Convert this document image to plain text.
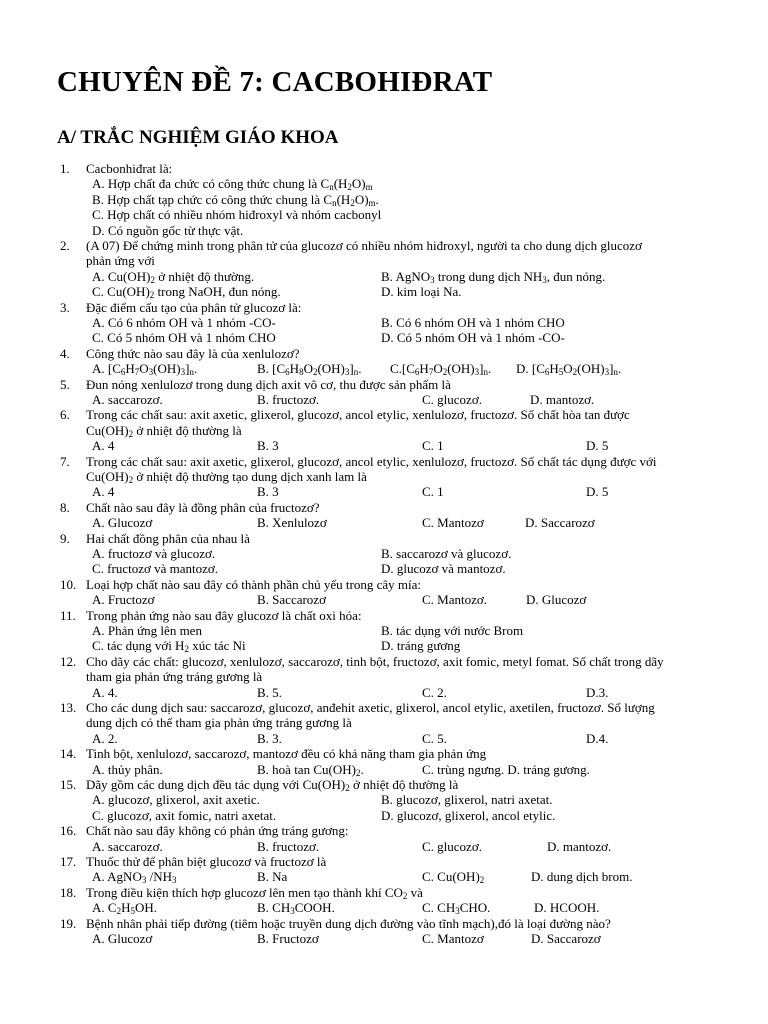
CHUYÊN ĐỀ 7: CACBOHIĐRAT
A/ TRẮC NGHIỆM GIÁO KHOA
1. Cacbonhiđrat là:
A. Hợp chất đa chức có công thức chung là $C_n(H_2O)_m$
B. Hợp chất tạp chức có công thức chung là $C_n(H_2O)_m$.
C. Hợp chất có nhiều nhóm hiđroxyl và nhóm cacbonyl
D. Có nguồn gốc từ thực vật.
2. (A 07) Để chứng minh trong phân tử của glucozơ có nhiều nhóm hiđroxyl, người ta cho dung dịch glucozơ phản ứng với
A. $Cu(OH)_2$ ở nhiệt độ thường.	B. AgNO$_3$ trong dung dịch $NH_3$, đun nóng.
C. $Cu(OH)_2$ trong NaOH, đun nóng.	D. kim loại Na.
3. Đặc điểm cấu tạo của phân tử glucozơ là:
A. Có 6 nhóm OH và 1 nhóm -CO-	B. Có 6 nhóm OH và 1 nhóm CHO
C. Có 5 nhóm OH và 1 nhóm CHO	D. Có 5 nhóm OH và 1 nhóm -CO-
4. Công thức nào sau đây là của xenlulozơ?
A. $[C_6H_7O_3(OH)_3]_n$.	B. $[C_6H_8O_2(OH)_3]_n$. $C.[C_6H_7O_2(OH)_3]_n$. D. $[C_6H_5O_2(OH)_3]_n$.
5. Đun nóng xenlulozơ trong dung dịch axit vô cơ, thu được sản phẩm là
A. saccarozơ.	B. fructozơ.	C. glucozơ.	D. mantozơ.
6. Trong các chất sau: axit axetic, glixerol, glucozơ, ancol etylic, xenlulozơ, fructozơ. Số chất hòa tan được $Cu(OH)_2$ ở nhiệt độ thường là
A. 4	B. 3	C. 1	D. 5
7. Trong các chất sau: axit axetic, glixerol, glucozơ, ancol etylic, xenlulozơ, fructozơ. Số chất tác dụng được với $Cu(OH)_2$ ở nhiệt độ thường tạo dung dịch xanh lam là
A. 4	B. 3	C. 1	D. 5
8. Chất nào sau đây là đồng phân của fructozơ?
A. Glucozơ	B. Xenlulozơ	C. Mantozơ	D. Saccarozơ
9. Hai chất đồng phân của nhau là
A. fructozơ và glucozơ.	B. saccarozơ và glucozơ.
C. fructozơ và mantozơ.	D. glucozơ và mantozơ.
10. Loại hợp chất nào sau đây có thành phần chủ yếu trong cây mía:
A. Fructozơ	B. Saccarozơ	C. Mantozơ.	D. Glucozơ
11. Trong phản ứng nào sau đây glucozơ là chất oxi hóa:
A. Phản ứng lên men	B. tác dụng với nước Brom
C. tác dụng với $H_2$ xúc tác Ni	D. tráng gương
12. Cho dãy các chất: glucozơ, xenlulozơ, saccarozơ, tinh bột, fructozơ, axit fomic, metyl fomat. Số chất trong dãy tham gia phản ứng tráng gương là
A. 4.	B. 5.	C. 2.	D.3.
13. Cho các dung dịch sau: saccarozơ, glucozơ, anđehit axetic, glixerol, ancol etylic, axetilen, fructozơ. Số lượng dung dịch có thể tham gia phản ứng tráng gương là
A. 2.	B. 3.	C. 5.	D.4.
14. Tinh bột, xenlulozơ, saccarozơ, mantozơ đều có khả năng tham gia phản ứng
A. thủy phân.	B. hoà $\tan Cu(OH)_2$.	C. trùng ngưng. D. tráng gương.
15. Dãy gồm các dung dịch đều tác dụng với $Cu(OH)_2$ ở nhiệt độ thường là
A. glucozơ, glixerol, axit axetic.	B. glucozơ, glixerol, natri axetat.
C. glucozơ, axit fomic, natri axetat.	D. glucozơ, glixerol, ancol etylic.
16. Chất nào sau đây không có phản ứng tráng gương:
A. saccarozơ.	B. fructozơ.	C. glucozơ.	D. mantozơ.
17. Thuốc thử để phân biệt glucozơ và fructozơ là
A. AgNO$_3$ $/NH_3$	B. Na	C. $Cu(OH)_2$	D. dung dịch brom.
18. Trong điều kiện thích hợp glucozơ lên men tạo thành khí $CO_2$ và
A. $C_2H_5OH$.	B. $CH_3COOH$.	C. $CH_3CHO$.	D. HCOOH.
19. Bệnh nhân phải tiếp đường (tiêm hoặc truyền dung dịch đường vào tĩnh mạch),đó là loại đường nào?
A. Glucozơ	B. Fructozơ	C. Mantozơ	D. Saccarozơ
